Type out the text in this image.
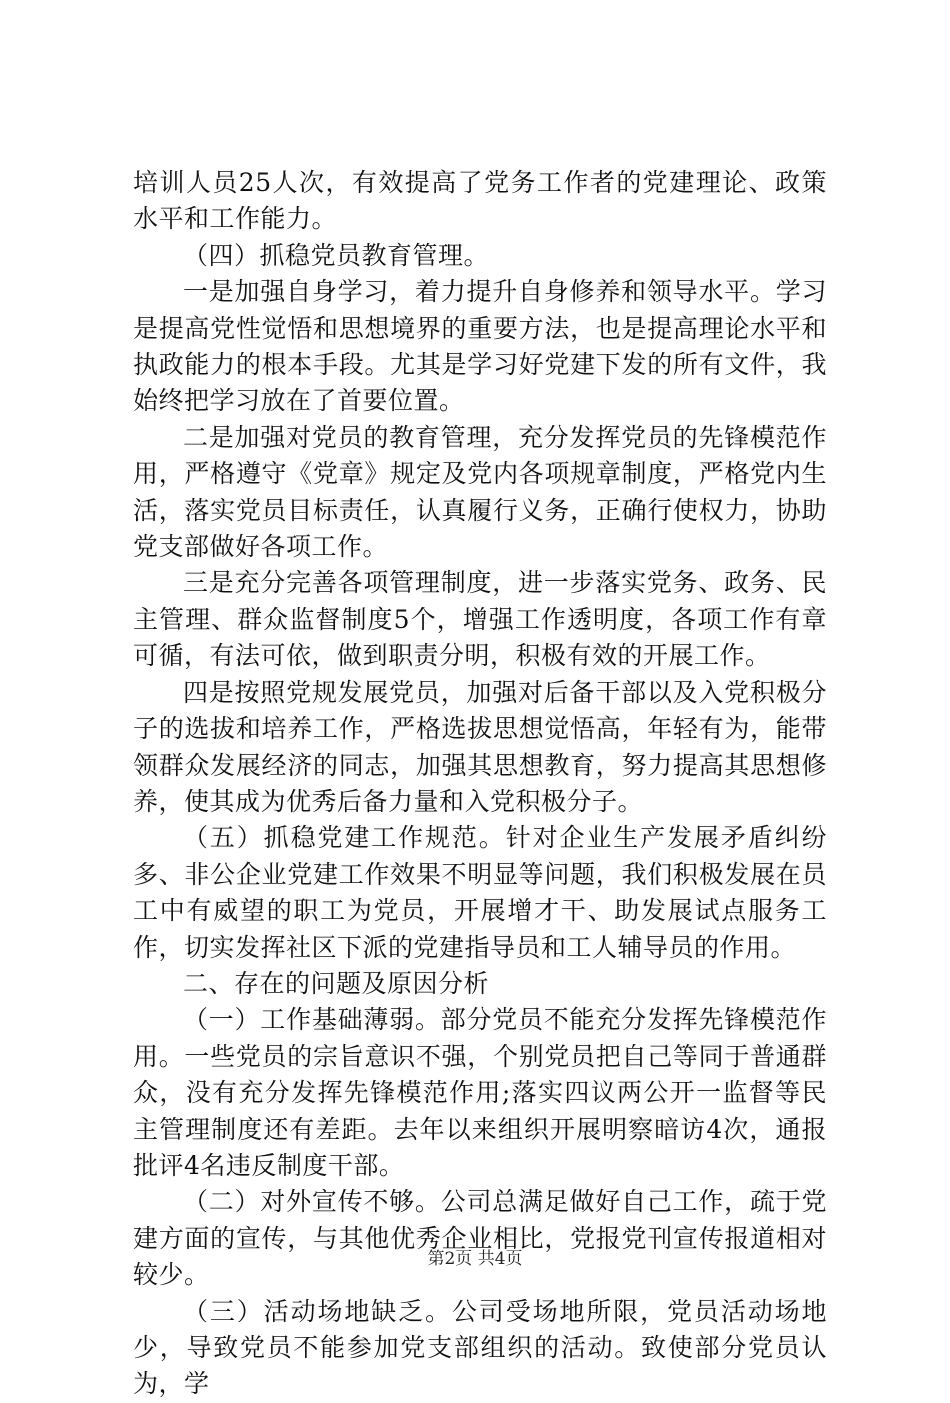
培训人员25人次，有效提高了党务工作者的党建理论、政策水平和工作能力。

（四）抓稳党员教育管理。

一是加强自身学习，着力提升自身修养和领导水平。学习是提高党性觉悟和思想境界的重要方法，也是提高理论水平和执政能力的根本手段。尤其是学习好党建下发的所有文件，我始终把学习放在了首要位置。

二是加强对党员的教育管理，充分发挥党员的先锋模范作用，严格遵守《党章》规定及党内各项规章制度，严格党内生活，落实党员目标责任，认真履行义务，正确行使权力，协助党支部做好各项工作。

三是充分完善各项管理制度，进一步落实党务、政务、民主管理、群众监督制度5个，增强工作透明度，各项工作有章可循，有法可依，做到职责分明，积极有效的开展工作。

四是按照党规发展党员，加强对后备干部以及入党积极分子的选拔和培养工作，严格选拔思想觉悟高，年轻有为，能带领群众发展经济的同志，加强其思想教育，努力提高其思想修养，使其成为优秀后备力量和入党积极分子。

（五）抓稳党建工作规范。针对企业生产发展矛盾纠纷多、非公企业党建工作效果不明显等问题，我们积极发展在员工中有威望的职工为党员，开展增才干、助发展试点服务工作，切实发挥社区下派的党建指导员和工人辅导员的作用。

二、存在的问题及原因分析

（一）工作基础薄弱。部分党员不能充分发挥先锋模范作用。一些党员的宗旨意识不强，个别党员把自己等同于普通群众，没有充分发挥先锋模范作用;落实四议两公开一监督等民主管理制度还有差距。去年以来组织开展明察暗访4次，通报批评4名违反制度干部。

（二）对外宣传不够。公司总满足做好自己工作，疏于党建方面的宣传，与其他优秀企业相比，党报党刊宣传报道相对较少。

（三）活动场地缺乏。公司受场地所限，党员活动场地少，导致党员不能参加党支部组织的活动。致使部分党员认为，学

第2页 共4页
